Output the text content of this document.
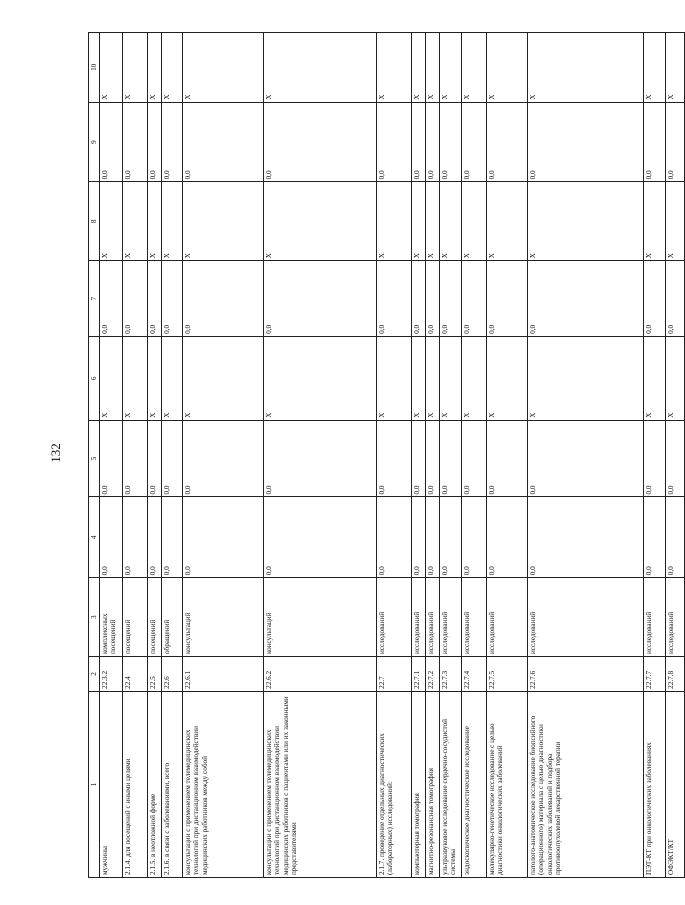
132
1	2	3	4	5	6	7	8	9	10
мужчины	22.3.2	комплексных посещений	0,0	0,0	X	0,0	X	0,0	X
2.1.4. для посещений с иными целями	22.4	посещений	0,0	0,0	X	0,0	X	0,0	X
2.1.5. в неотложной форме	22.5	посещений	0,0	0,0	X	0,0	X	0,0	X
2.1.6. в связи с заболеваниями, всего	22.6	обращений	0,0	0,0	X	0,0	X	0,0	X
консультации с применением телемедицинских технологий при дистанционном взаимодействии медицинских работников между собой	22.6.1	консультаций	0,0	0,0	X	0,0	X	0,0	X
консультации с применением телемедицинских технологий при дистанционном взаимодействии медицинских работников с пациентами или их законными представителями	22.6.2	консультаций	0,0	0,0	X	0,0	X	0,0	X
2.1.7. проведение отдельных диагностических (лабораторных) исследований:	22.7	исследований	0,0	0,0	X	0,0	X	0,0	X
компьютерная томография	22.7.1	исследований	0,0	0,0	X	0,0	X	0,0	X
магнитно-резонансная томография	22.7.2	исследований	0,0	0,0	X	0,0	X	0,0	X
ультразвуковое исследование сердечно-сосудистой системы	22.7.3	исследований	0,0	0,0	X	0,0	X	0,0	X
эндоскопическое диагностическое исследование	22.7.4	исследований	0,0	0,0	X	0,0	X	0,0	X
молекулярно-генетическое исследование с целью диагностики онкологических заболеваний	22.7.5	исследований	0,0	0,0	X	0,0	X	0,0	X
патолого-анатомическое исследование биопсийного (операционного) материала с целью диагностики онкологических заболеваний и подбора противоопухолевой лекарственной терапии	22.7.6	исследований	0,0	0,0	X	0,0	X	0,0	X
ПЭТ-КТ при онкологических заболеваниях	22.7.7	исследований	0,0	0,0	X	0,0	X	0,0	X
ОФЭКТ/КТ	22.7.8	исследований	0,0	0,0	X	0,0	X	0,0	X
